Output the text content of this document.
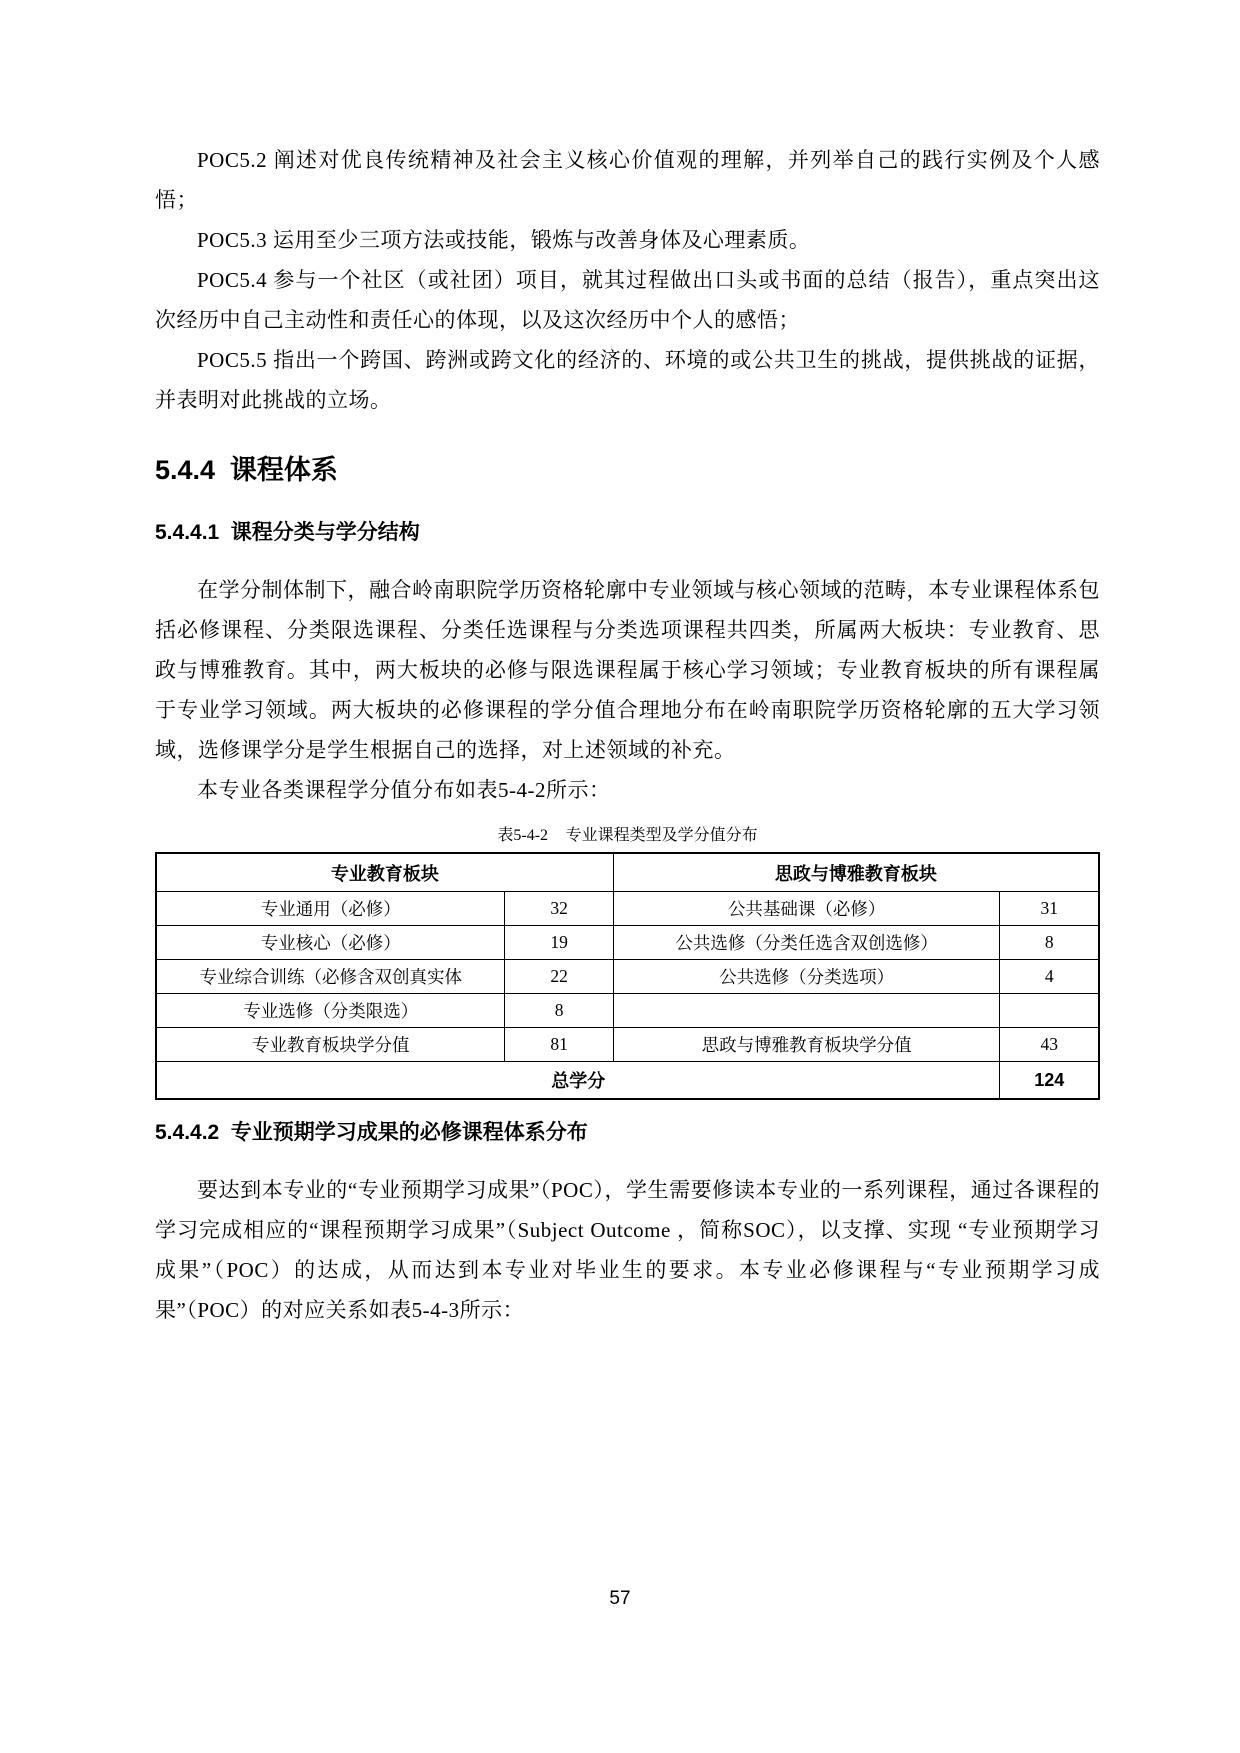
POC5.2 阐述对优良传统精神及社会主义核心价值观的理解，并列举自己的践行实例及个人感悟；

POC5.3 运用至少三项方法或技能，锻炼与改善身体及心理素质。

POC5.4 参与一个社区（或社团）项目，就其过程做出口头或书面的总结（报告），重点突出这次经历中自己主动性和责任心的体现，以及这次经历中个人的感悟；

POC5.5 指出一个跨国、跨洲或跨文化的经济的、环境的或公共卫生的挑战，提供挑战的证据，并表明对此挑战的立场。

5.4.4 课程体系
5.4.4.1 课程分类与学分结构

在学分制体制下，融合岭南职院学历资格轮廓中专业领域与核心领域的范畴，本专业课程体系包括必修课程、分类限选课程、分类任选课程与分类选项课程共四类，所属两大板块：专业教育、思政与博雅教育。其中，两大板块的必修与限选课程属于核心学习领域；专业教育板块的所有课程属于专业学习领域。两大板块的必修课程的学分值合理地分布在岭南职院学历资格轮廓的五大学习领域，选修课学分是学生根据自己的选择，对上述领域的补充。

本专业各类课程学分值分布如表5-4-2所示：

表5-4-2 专业课程类型及学分值分布
专业教育板块		思政与博雅教育板块	
专业通用（必修）	32	公共基础课（必修）	31
专业核心（必修）	19	公共选修（分类任选含双创选修）	8
专业综合训练（必修含双创真实体	22	公共选修（分类选项）	4
专业选修（分类限选）	8		
专业教育板块学分值	81	思政与博雅教育板块学分值	43
总学分			124
5.4.4.2 专业预期学习成果的必修课程体系分布

要达到本专业的“专业预期学习成果”（POC），学生需要修读本专业的一系列课程，通过各课程的学习完成相应的“课程预期学习成果”（Subject Outcome ，简称SOC），以支撑、实现 “专业预期学习成果”（POC）的达成，从而达到本专业对毕业生的要求。本专业必修课程与“专业预期学习成果”（POC）的对应关系如表5-4-3所示：

57
